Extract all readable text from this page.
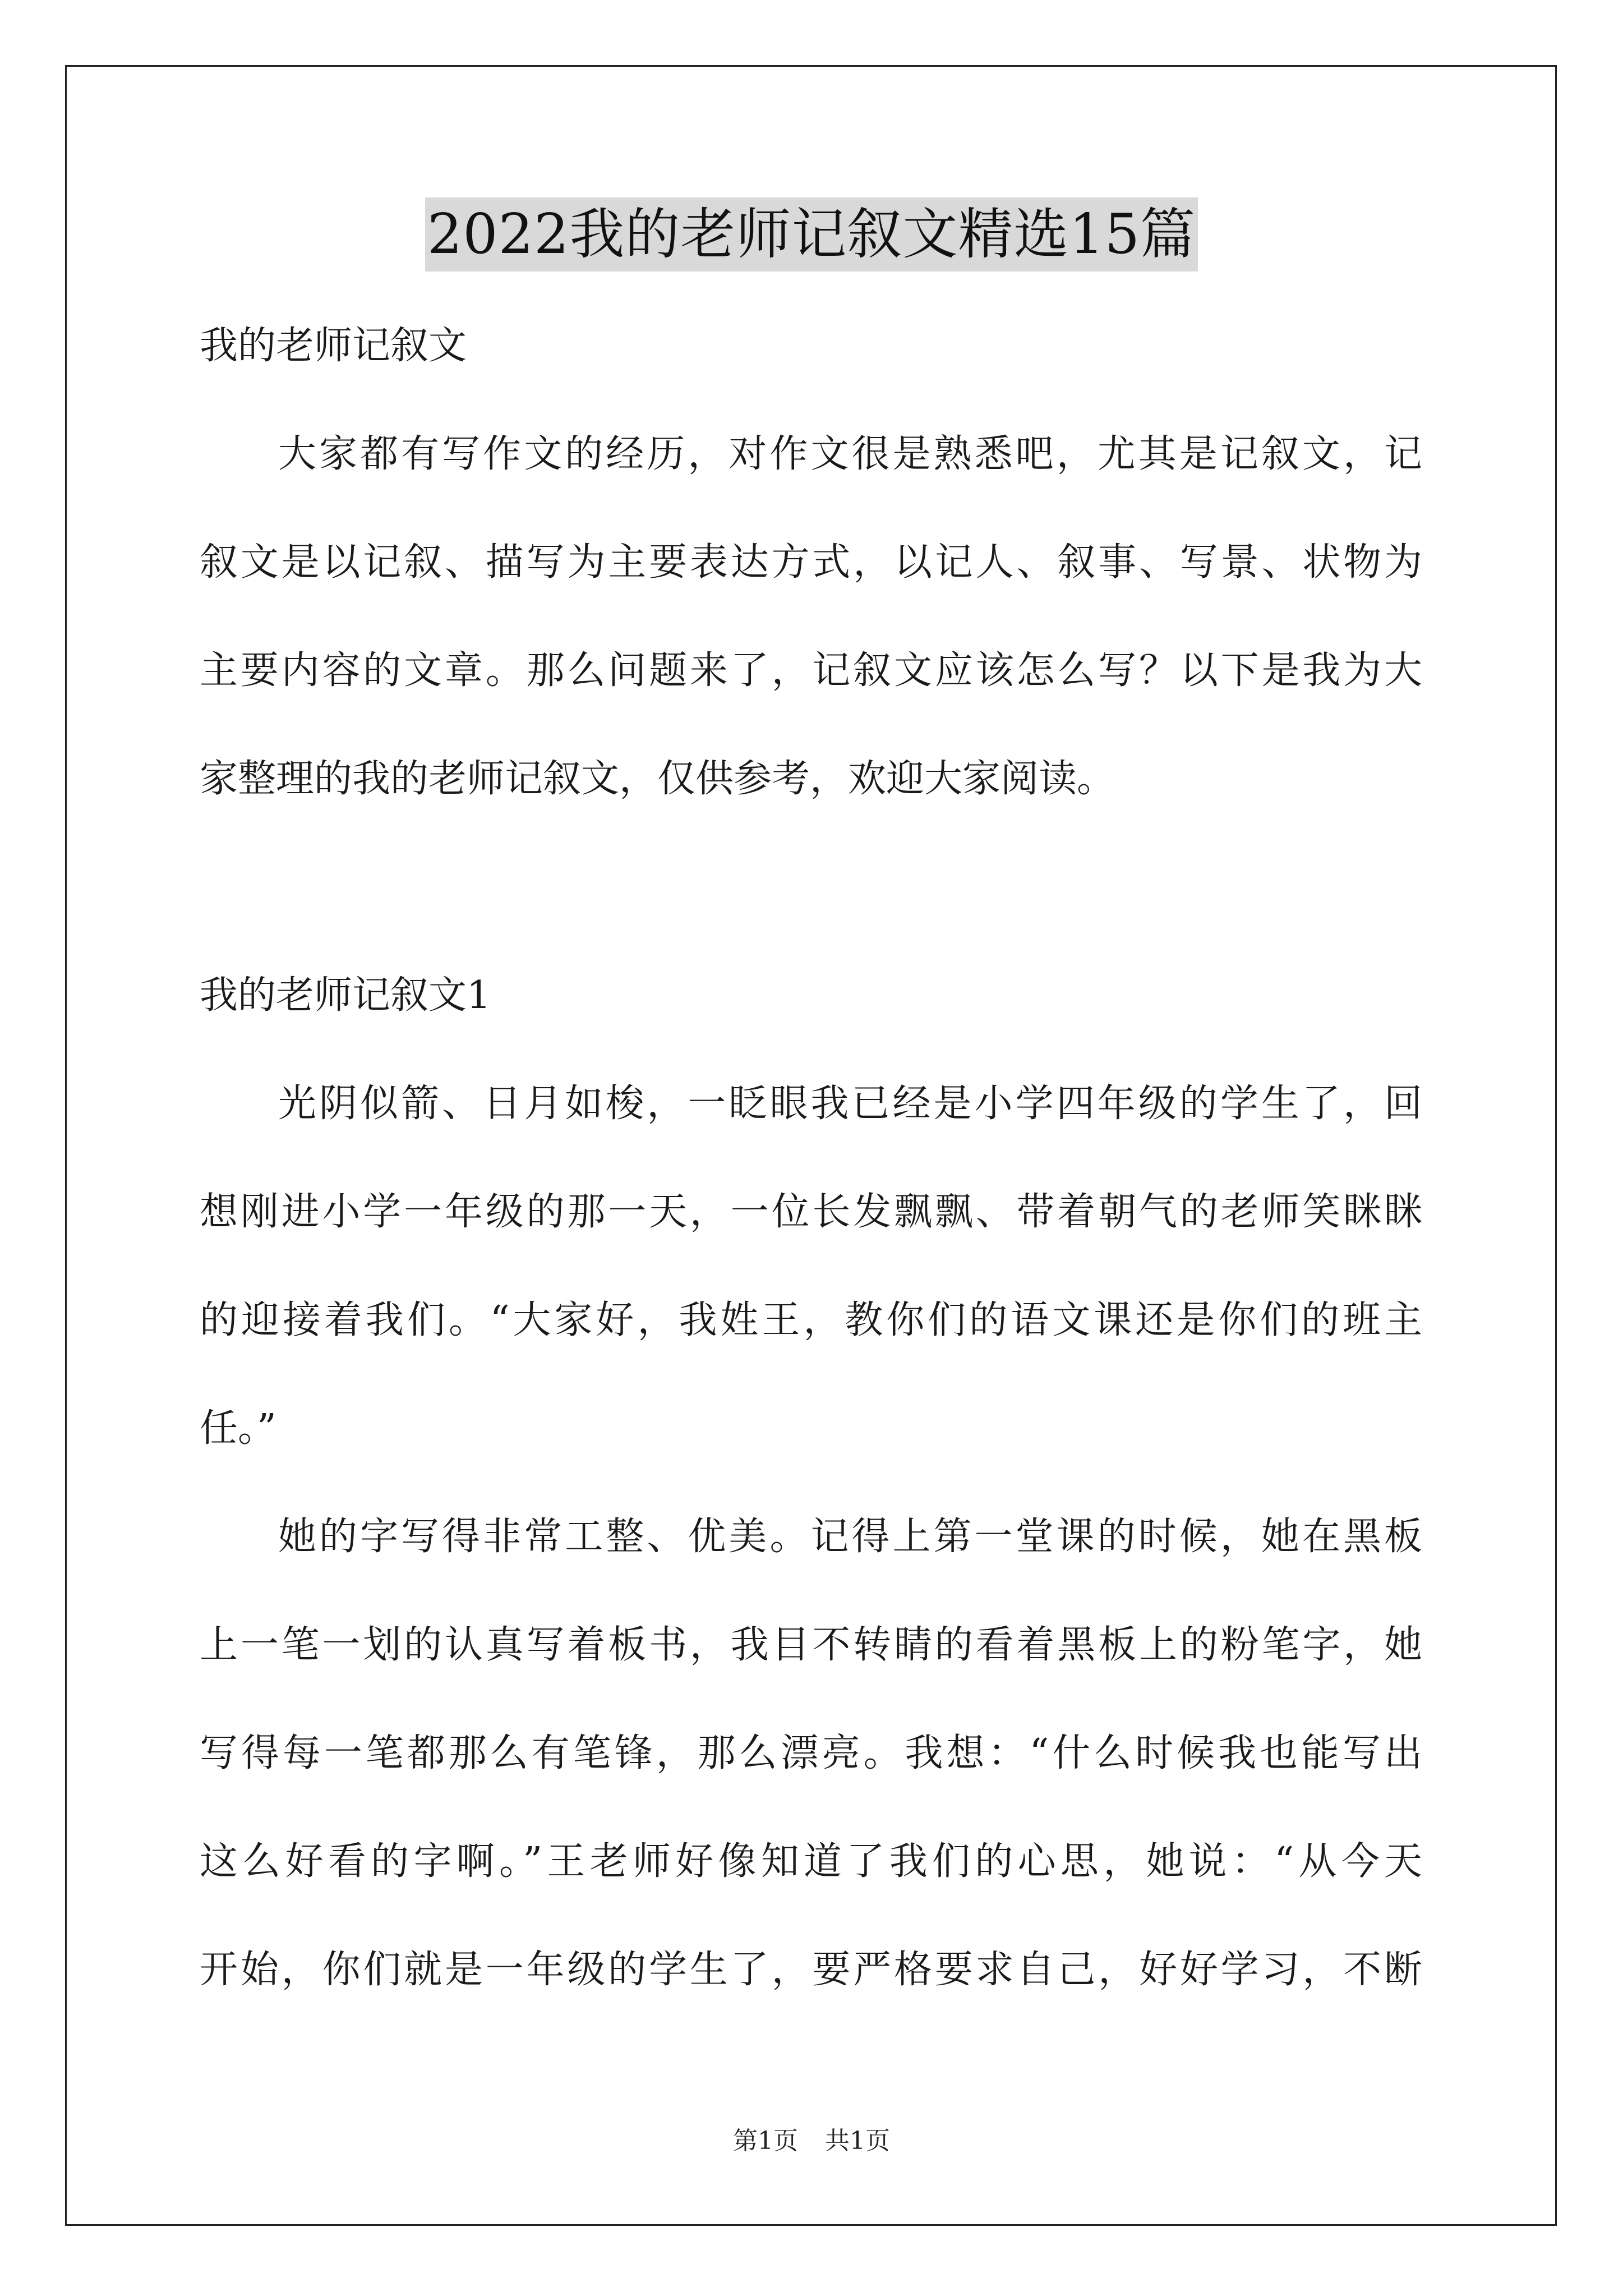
2022我的老师记叙文精选15篇

我的老师记叙文

大家都有写作文的经历，对作文很是熟悉吧，尤其是记叙文，记
叙文是以记叙、描写为主要表达方式，以记人、叙事、写景、状物为
主要内容的文章。那么问题来了，记叙文应该怎么写？以下是我为大
家整理的我的老师记叙文，仅供参考，欢迎大家阅读。

我的老师记叙文1

光阴似箭、日月如梭，一眨眼我已经是小学四年级的学生了，回
想刚进小学一年级的那一天，一位长发飘飘、带着朝气的老师笑眯眯
的迎接着我们。“大家好，我姓王，教你们的语文课还是你们的班主
任。”
她的字写得非常工整、优美。记得上第一堂课的时候，她在黑板
上一笔一划的认真写着板书，我目不转睛的看着黑板上的粉笔字，她
写得每一笔都那么有笔锋，那么漂亮。我想：“什么时候我也能写出
这么好看的字啊。”王老师好像知道了我们的心思，她说：“从今天
开始，你们就是一年级的学生了，要严格要求自己，好好学习，不断
第1页 共1页
